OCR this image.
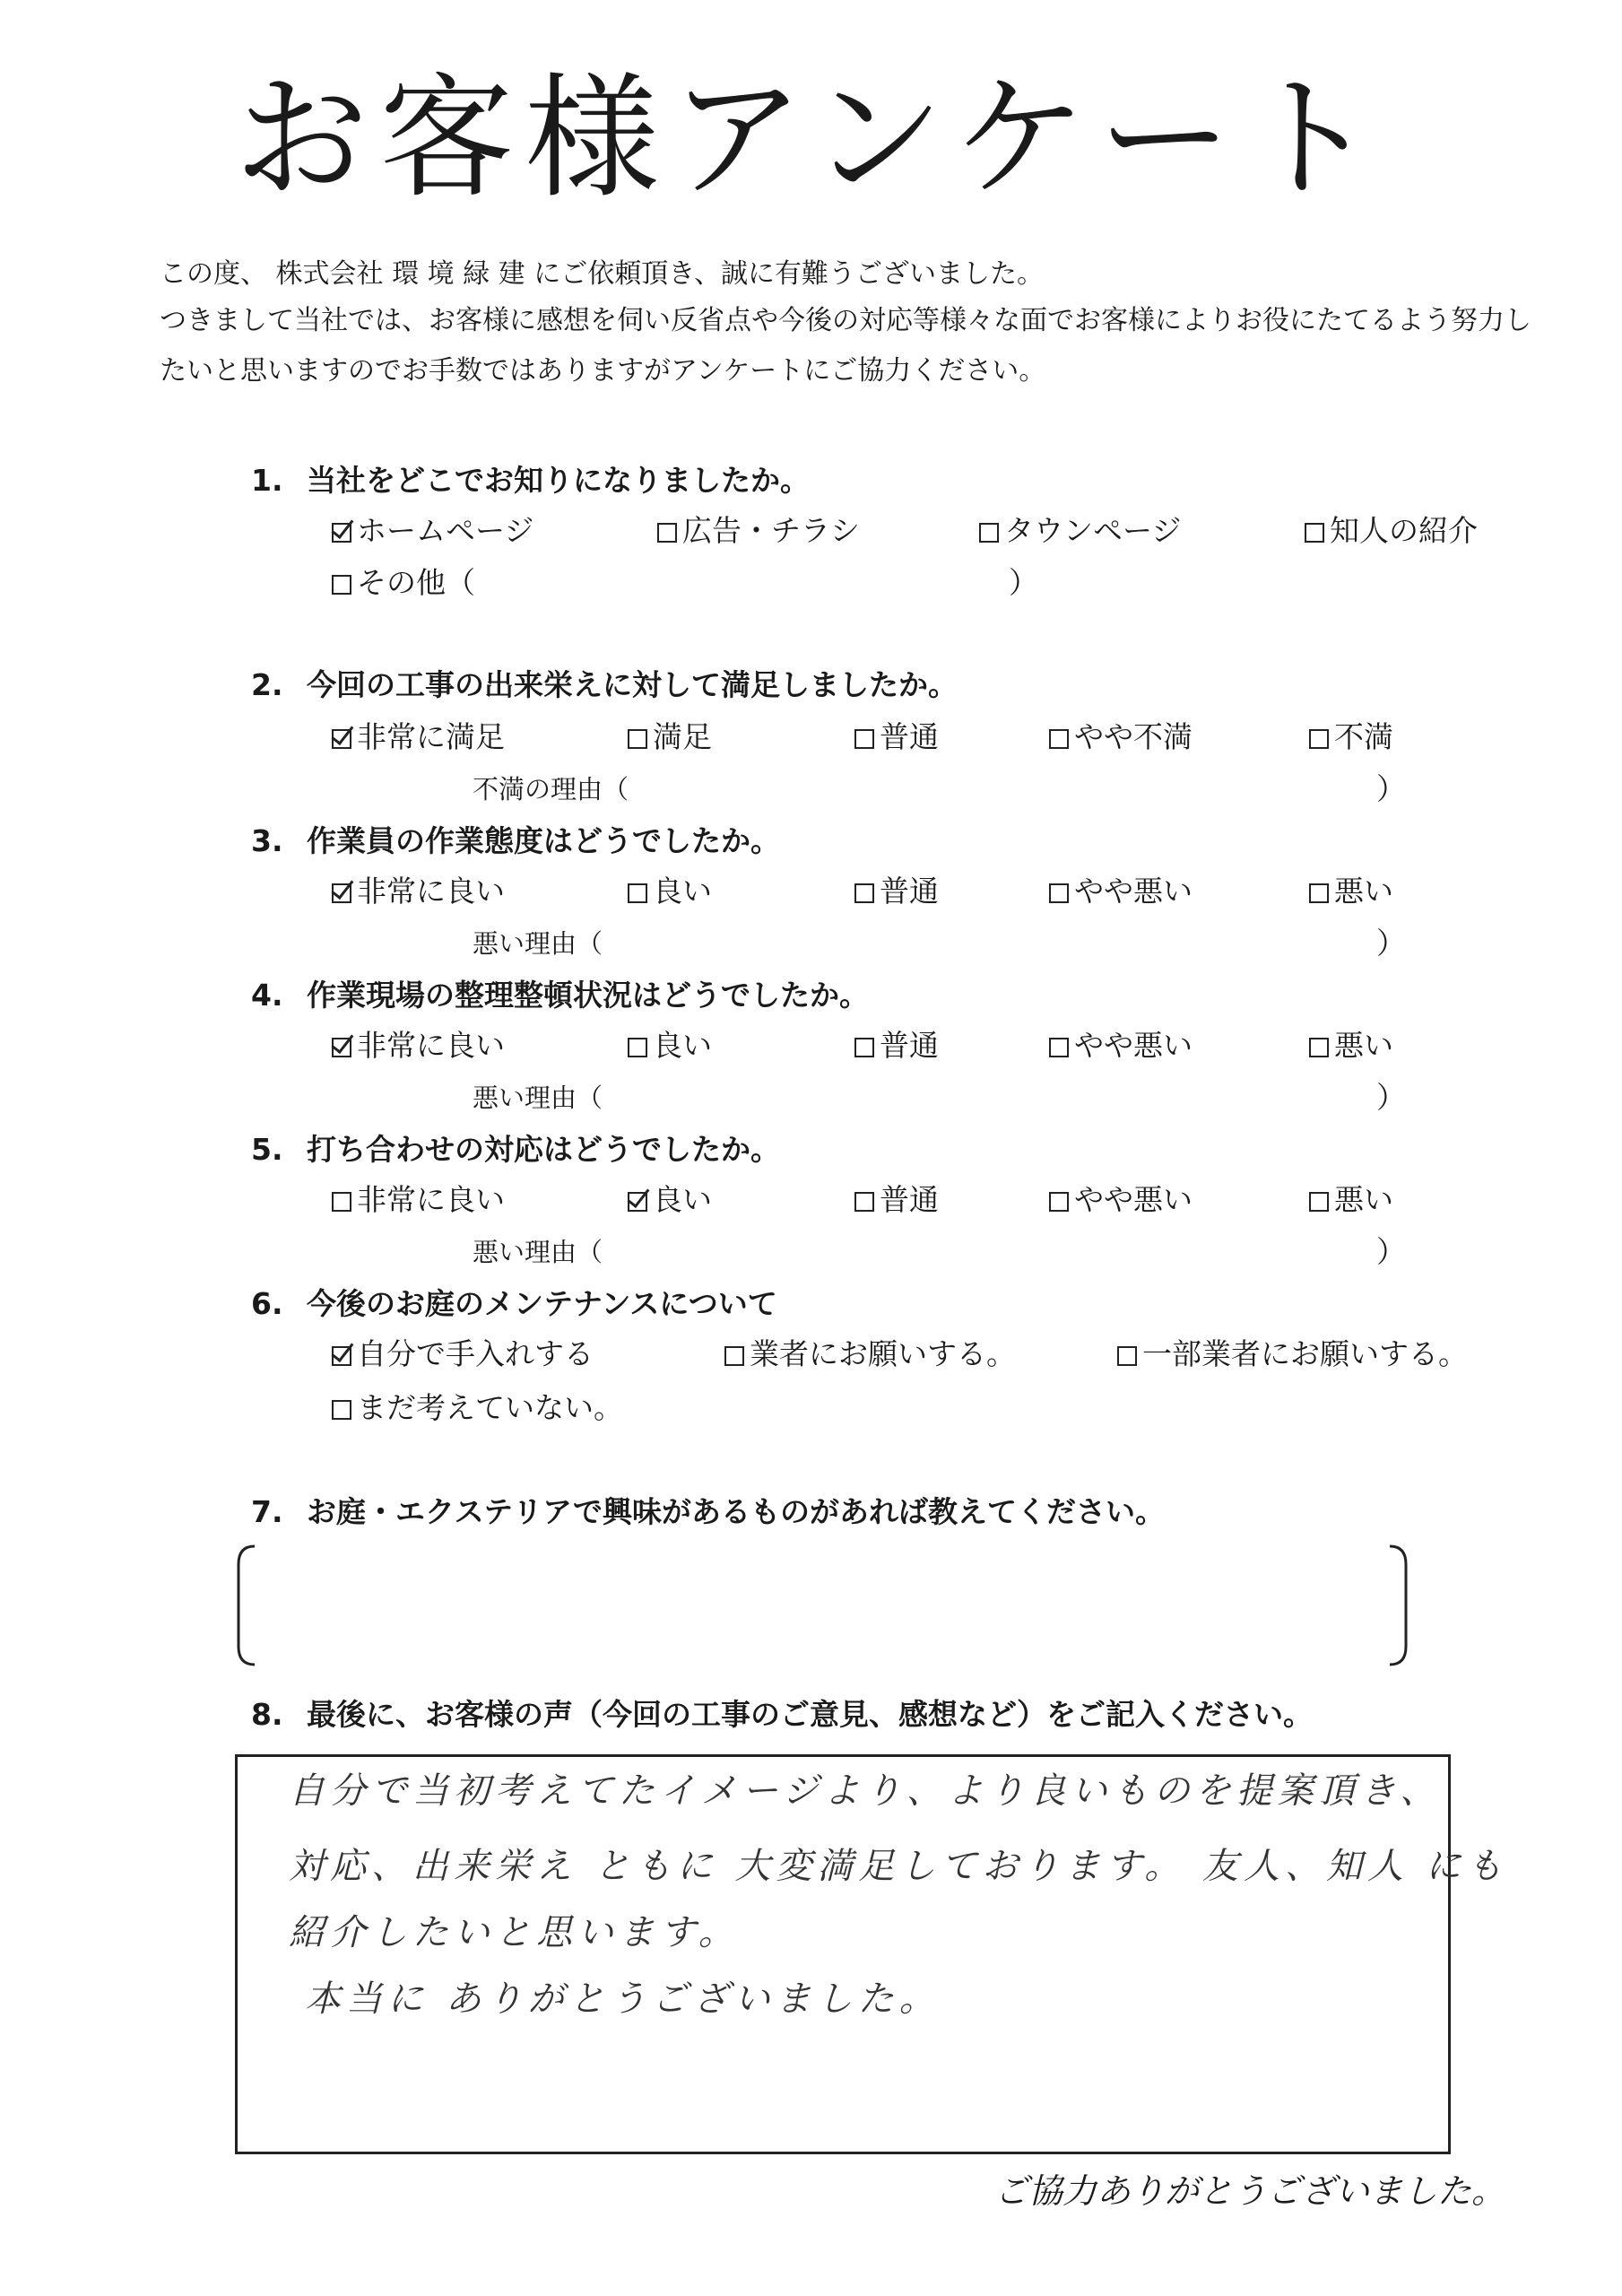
お客様アンケート
この度、 株式会社 環 境 緑 建 にご依頼頂き、誠に有難うございました。
つきまして当社では、お客様に感想を伺い反省点や今後の対応等様々な面でお客様によりお役にたてるよう努力し
たいと思いますのでお手数ではありますがアンケートにご協力ください。
1. 当社をどこでお知りになりましたか。
ホームページ	広告・チラシ	タウンページ	知人の紹介
その他（	）
2. 今回の工事の出来栄えに対して満足しましたか。
非常に満足	満足	普通	やや不満	不満
不満の理由（	）
3. 作業員の作業態度はどうでしたか。
非常に良い	良い	普通	やや悪い	悪い
悪い理由（	）
4. 作業現場の整理整頓状況はどうでしたか。
非常に良い	良い	普通	やや悪い	悪い
悪い理由（	）
5. 打ち合わせの対応はどうでしたか。
非常に良い	良い	普通	やや悪い	悪い
悪い理由（	）
6. 今後のお庭のメンテナンスについて
自分で手入れする	業者にお願いする。	一部業者にお願いする。
まだ考えていない。
7. お庭・エクステリアで興味があるものがあれば教えてください。
8. 最後に、お客様の声（今回の工事のご意見、感想など）をご記入ください。
自分で当初考えてたイメージより、より良いものを提案頂き、
対応、出来栄え ともに 大変満足しております。 友人、知人 にも
紹介したいと思います。
本当に ありがとうございました。
ご協力ありがとうございました。
